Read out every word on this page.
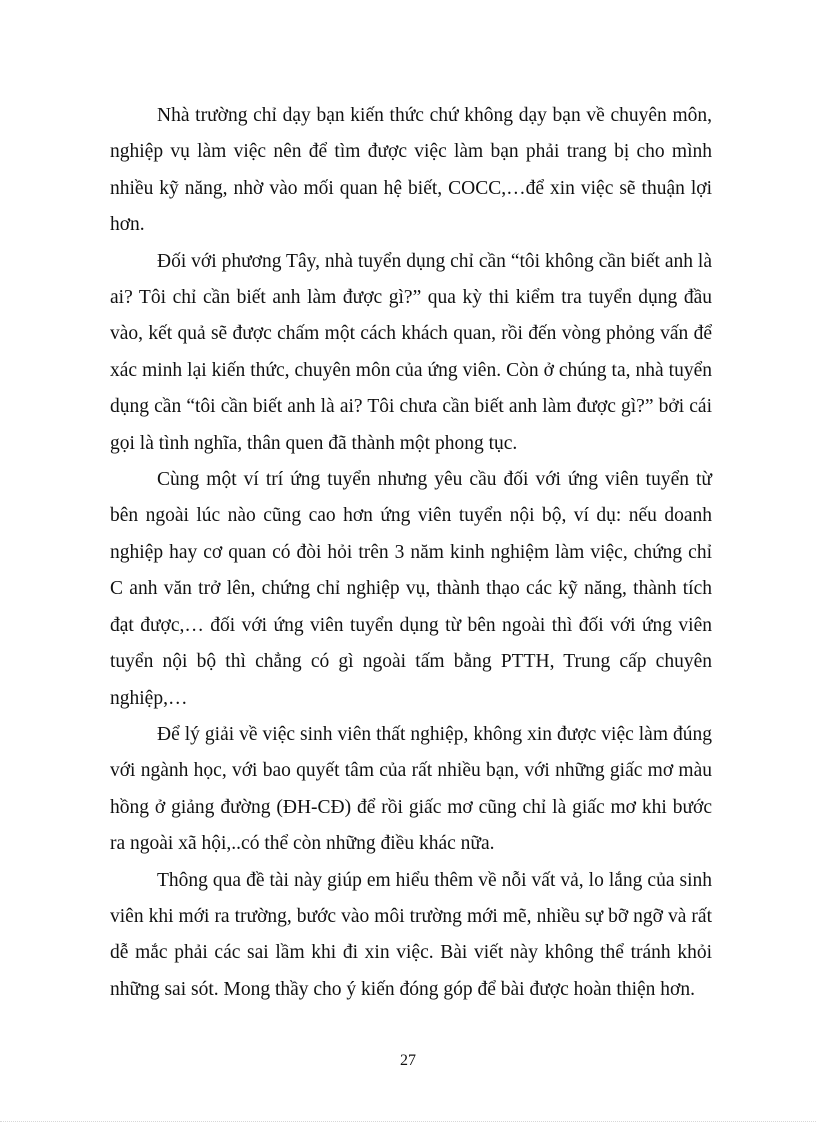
Nhà trường chỉ dạy bạn kiến thức chứ không dạy bạn về chuyên môn, nghiệp vụ làm việc nên để tìm được việc làm bạn phải trang bị cho mình nhiều kỹ năng, nhờ vào mối quan hệ biết, COCC,…để xin việc sẽ thuận lợi hơn.

Đối với phương Tây, nhà tuyển dụng chỉ cần “tôi không cần biết anh là ai? Tôi chỉ cần biết anh làm được gì?” qua kỳ thi kiểm tra tuyển dụng đầu vào, kết quả sẽ được chấm một cách khách quan, rồi đến vòng phỏng vấn để xác minh lại kiến thức, chuyên môn của ứng viên. Còn ở chúng ta, nhà tuyển dụng cần “tôi cần biết anh là ai? Tôi chưa cần biết anh làm được gì?” bởi cái gọi là tình nghĩa, thân quen đã thành một phong tục.

Cùng một ví trí ứng tuyển nhưng yêu cầu đối với ứng viên tuyển từ bên ngoài lúc nào cũng cao hơn ứng viên tuyển nội bộ, ví dụ: nếu doanh nghiệp hay cơ quan có đòi hỏi trên 3 năm kinh nghiệm làm việc, chứng chỉ C anh văn trở lên, chứng chỉ nghiệp vụ, thành thạo các kỹ năng, thành tích đạt được,… đối với ứng viên tuyển dụng từ bên ngoài thì đối với ứng viên tuyển nội bộ thì chẳng có gì ngoài tấm bằng PTTH, Trung cấp chuyên nghiệp,…

Để lý giải về việc sinh viên thất nghiệp, không xin được việc làm đúng với ngành học, với bao quyết tâm của rất nhiều bạn, với những giấc mơ màu hồng ở giảng đường (ĐH-CĐ) để rồi giấc mơ cũng chỉ là giấc mơ khi bước ra ngoài xã hội,..có thể còn những điều khác nữa.

Thông qua đề tài này giúp em hiểu thêm về nỗi vất vả, lo lắng của sinh viên khi mới ra trường, bước vào môi trường mới mẽ, nhiều sự bỡ ngỡ và rất dễ mắc phải các sai lầm khi đi xin việc. Bài viết này không thể tránh khỏi những sai sót. Mong thầy cho ý kiến đóng góp để bài được hoàn thiện hơn.

27
